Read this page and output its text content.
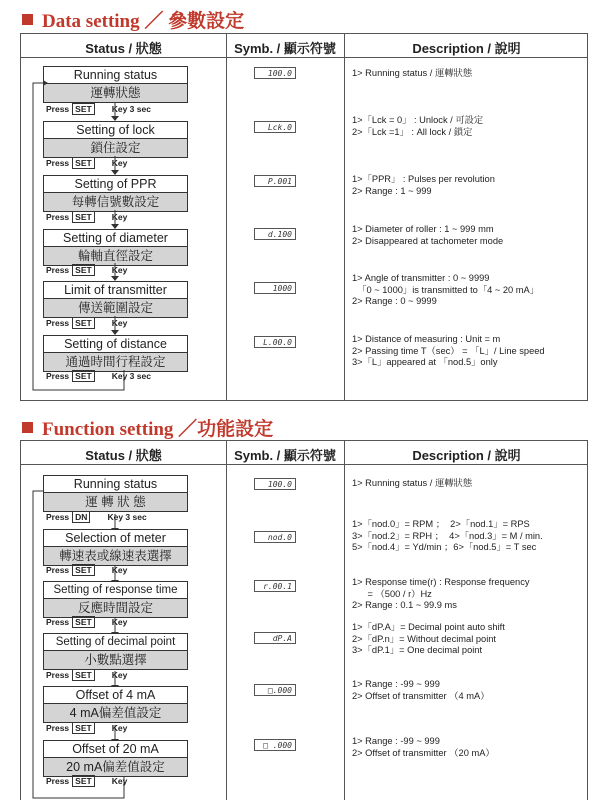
Data setting ／ 參數設定
Status / 狀態	Symb. / 顯示符號	Description / 說明
Running status
運轉狀態
Press SET	Key 3 sec
100.0	1> Running status / 運轉狀態
Setting of lock
鎖住設定
Press SET	Key
Lck.0
1>「Lck = 0」 : Unlock / 可設定
2>「Lck =1」 : All lock / 鎖定
Setting of PPR
每轉信號數設定
Press SET	Key
P.001	1>「PPR」 : Pulses per revolution
2> Range : 1 ~ 999
Setting of diameter
輪軸直徑設定
Press SET	Key
d.100
1> Diameter of roller : 1 ~ 999 mm
2> Disappeared at tachometer mode
Limit of transmitter
傳送範圍設定
Press SET	Key
1000
1> Angle of transmitter : 0 ~ 9999
「0 ~ 1000」is transmitted to「4 ~ 20 mA」
2> Range : 0 ~ 9999
Setting of distance
通過時間行程設定
Press SET	Key 3 sec
L.00.0	1> Distance of measuring : Unit = m
2> Passing time T（sec） = 「L」/ Line speed
3>「L」appeared at 「nod.5」only
Function setting ／功能設定
Status / 狀態	Symb. / 顯示符號	Description / 說明
Running status
運 轉 狀 態
Press DN	Key 3 sec
100.0	1> Running status / 運轉狀態
Selection of meter
轉速表或線速表選擇
Press SET	Key
nod.0
1>「nod.0」= RPM ；  2>「nod.1」= RPS
3>「nod.2」= RPH ；  4>「nod.3」= M / min.
5>「nod.4」= Yd/min ；6>「nod.5」= T sec
Setting of response time
反應時間設定
Press SET	Key
r.00.1	1> Response time(r) : Response frequency
= （500 / r）Hz
2> Range : 0.1 ~ 99.9 ms
Setting of decimal point
小數點選擇
Press SET	Key
dP.A
1>「dP.A」= Decimal point auto shift
2>「dP.n」= Without decimal point
3>「dP.1」= One decimal point
Offset of 4 mA
4 mA偏差值設定
Press SET	Key
□.000
1> Range : -99 ~ 999
2> Offset of transmitter （4 mA）
Offset of 20 mA
20 mA偏差值設定
Press SET	Key
□ .000	1> Range : -99 ~ 999
2> Offset of transmitter （20 mA）
